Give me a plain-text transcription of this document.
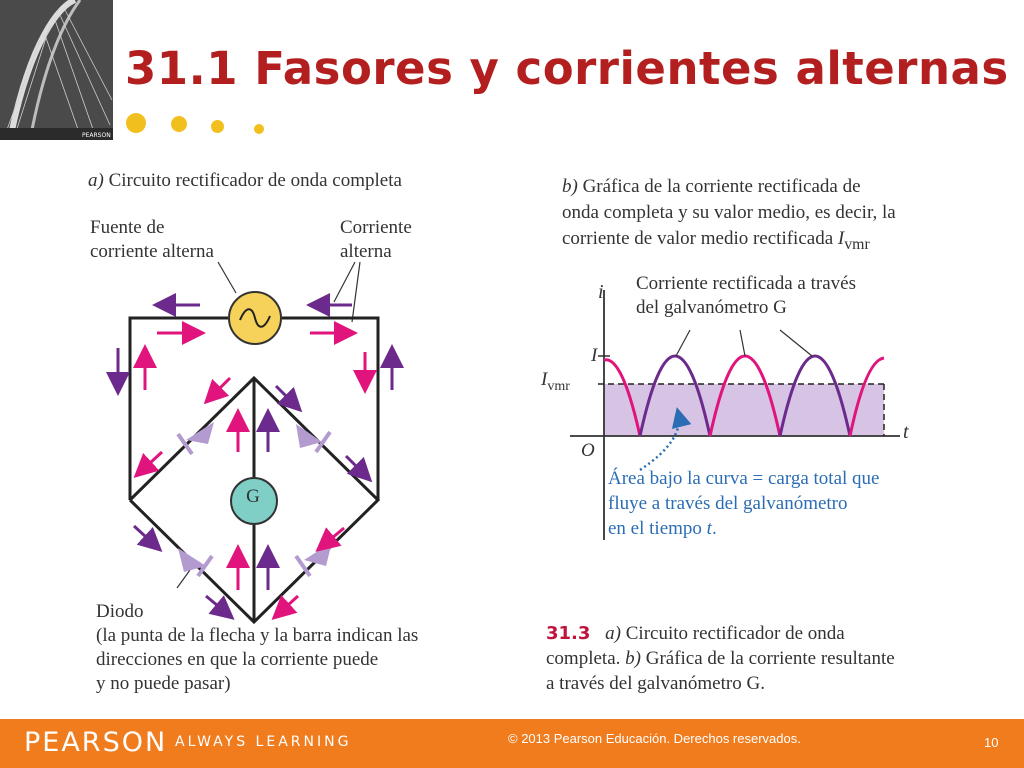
PEARSON
31.1 Fasores y corrientes alternas
a) Circuito rectificador de onda completa
Fuente de
corriente alterna
Corriente
alterna
G
Diodo
(la punta de la flecha y la barra indican las
direcciones en que la corriente puede
y no puede pasar)
b) Gráfica de la corriente rectificada de
onda completa y su valor medio, es decir, la
corriente de valor medio rectificada $I_{vmr}$
Corriente rectificada a través
del galvanómetro G
i
t
O
I
$I_{vmr}$
Área bajo la curva = carga total que
fluye a través del galvanómetro
en el tiempo t.
31.3 a) Circuito rectificador de onda
completa. b) Gráfica de la corriente resultante
a través del galvanómetro G.
PEARSON ALWAYS LEARNING	© 2013 Pearson Educación. Derechos reservados.	10
